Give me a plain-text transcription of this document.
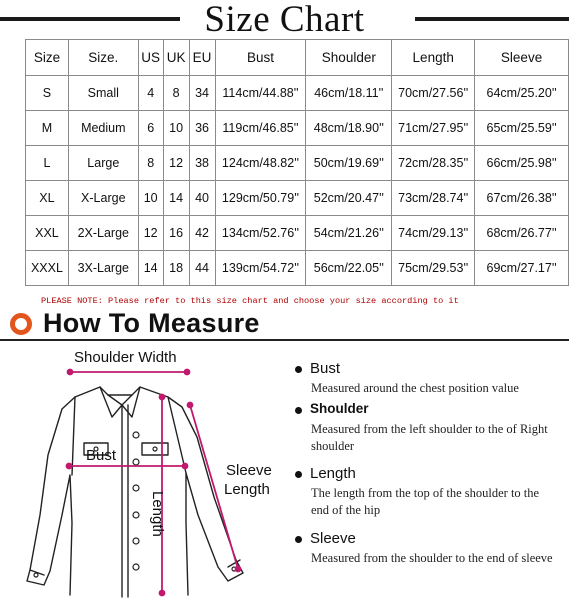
Size Chart
Size	Size.	US	UK	EU	Bust	Shoulder	Length	Sleeve
S	Small	4	8	34	114cm/44.88''	46cm/18.11''	70cm/27.56''	64cm/25.20''
M	Medium	6	10	36	119cm/46.85''	48cm/18.90''	71cm/27.95''	65cm/25.59''
L	Large	8	12	38	124cm/48.82''	50cm/19.69''	72cm/28.35''	66cm/25.98''
XL	X-Large	10	14	40	129cm/50.79''	52cm/20.47''	73cm/28.74''	67cm/26.38''
XXL	2X-Large	12	16	42	134cm/52.76''	54cm/21.26''	74cm/29.13''	68cm/26.77''
XXXL	3X-Large	14	18	44	139cm/54.72''	56cm/22.05''	75cm/29.53''	69cm/27.17''
PLEASE NOTE: Please refer to this size chart and choose your size according to it
How To Measure
Shoulder Width
Bust
Length
Sleeve
Length
Bust
Measured around the chest position value
Shoulder
Measured from the left shoulder to the of Right shoulder
Length
The length from the top of the shoulder to the end of the hip
Sleeve
Measured from the shoulder to the end of sleeve
